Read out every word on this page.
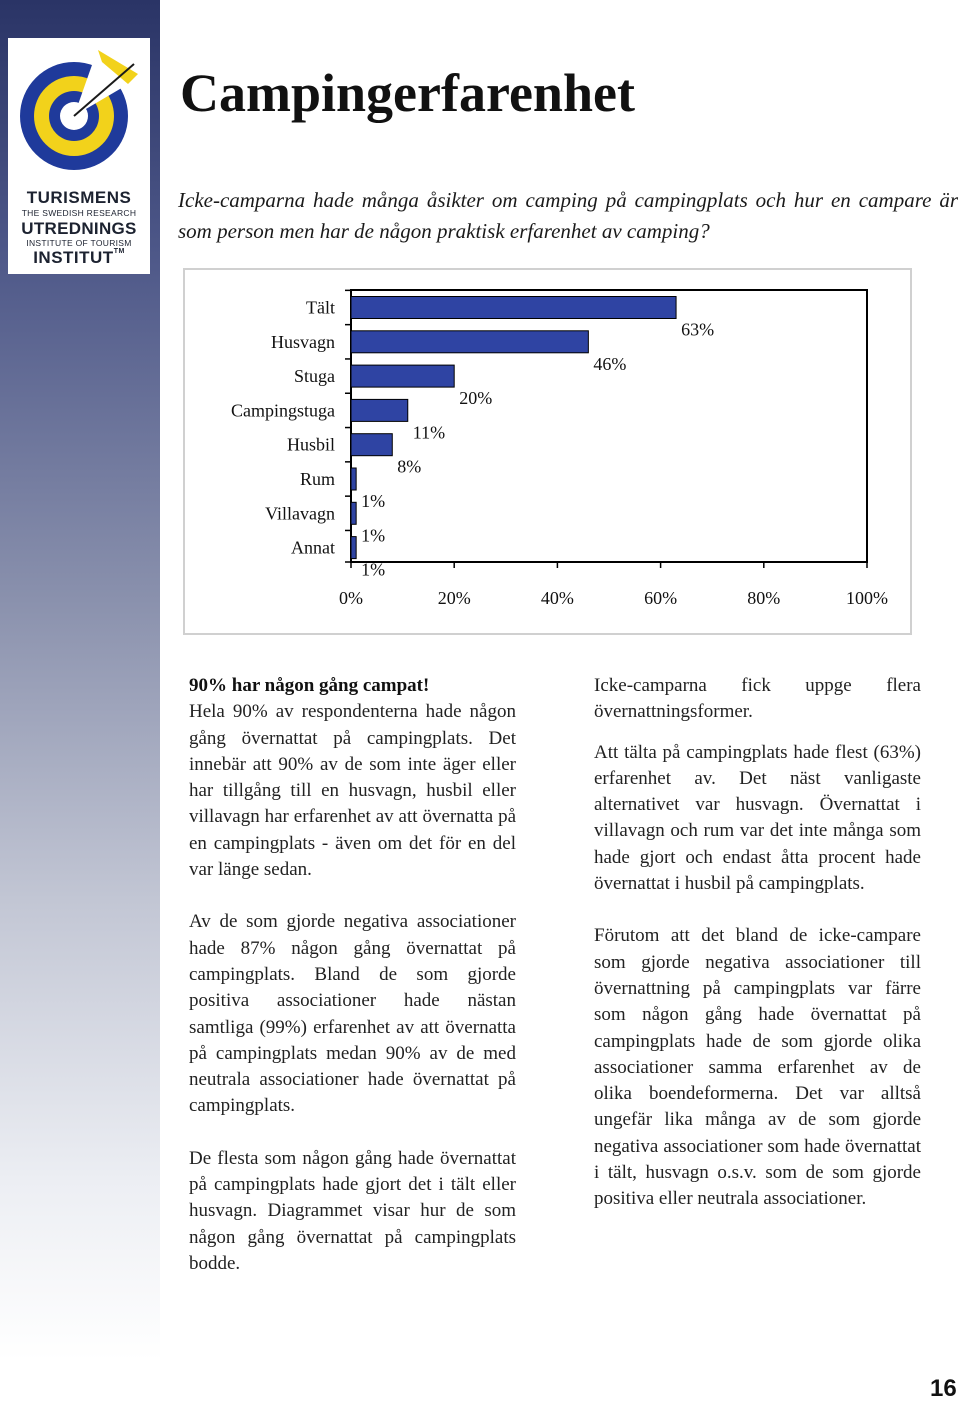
TURISMENS
THE SWEDISH RESEARCH
UTREDNINGS
INSTITUTE OF TOURISM
INSTITUT™
Campingerfarenhet

Icke-camparna hade många åsikter om camping på campingplats och hur en campare är som person men har de någon praktisk erfarenhet av camping?

Tält
63%
Husvagn
46%
Stuga
20%
Campingstuga
11%
Husbil
8%
Rum
1%
Villavagn
1%
Annat
1%
0%	20%	40%	60%	80%	100%

90% har någon gång campat!
Hela 90% av respondenterna hade någon gång övernattat på campingplats. Det innebär att 90% av de som inte äger eller har tillgång till en husvagn, husbil eller villavagn har erfarenhet av att övernatta på en campingplats - även om det för en del var länge sedan.

Av de som gjorde negativa associationer hade 87% någon gång övernattat på campingplats. Bland de som gjorde positiva associationer hade nästan samtliga (99%) erfarenhet av att övernatta på campingplats medan 90% av de med neutrala associationer hade övernattat på campingplats.

De flesta som någon gång hade övernattat på campingplats hade gjort det i tält eller husvagn. Diagrammet visar hur de som någon gång övernattat på campingplats bodde.

Icke-camparna fick uppge flera övernattningsformer.

Att tälta på campingplats hade flest (63%) erfarenhet av. Det näst vanligaste alternativet var husvagn. Övernattat i villavagn och rum var det inte många som hade gjort och endast åtta procent hade övernattat i husbil på campingplats.

Förutom att det bland de icke-campare som gjorde negativa associationer till övernattning på campingplats var färre som någon gång hade övernattat på campingplats hade de som gjorde olika associationer samma erfarenhet av de olika boendeformerna. Det var alltså ungefär lika många av de som gjorde negativa associationer som hade övernattat i tält, husvagn o.s.v. som de som gjorde positiva eller neutrala associationer.

16
